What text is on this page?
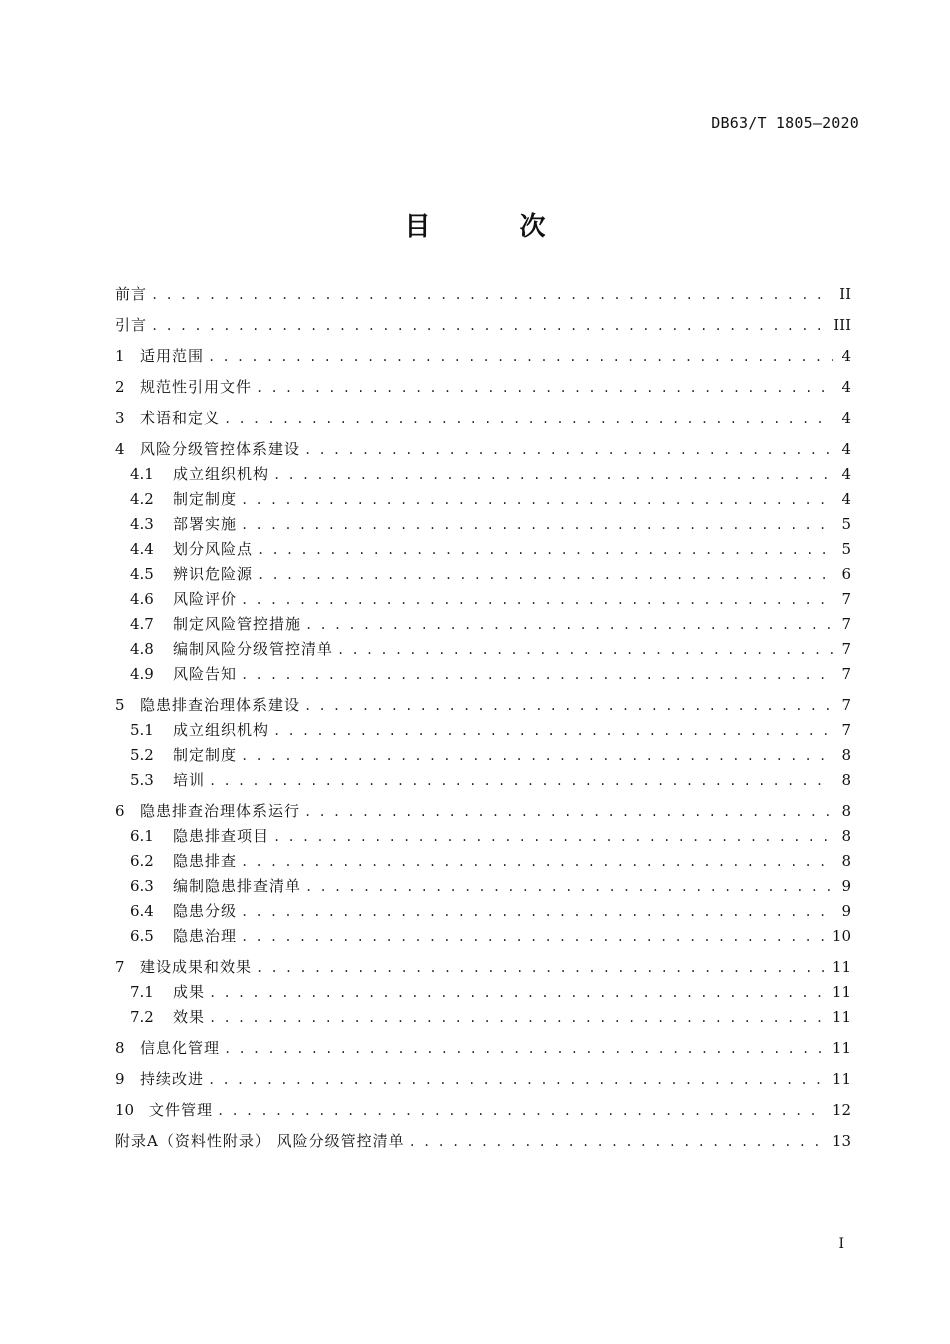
DB63/T 1805—2020
目 次
前言 . . .	II
引言 . . .	III
1	适用范围 . . .	4
2	规范性引用文件 . . .	4
3	术语和定义 . . .	4
4	风险分级管控体系建设 . . .	4
4.1	成立组织机构 . . .	4
4.2	制定制度 . . .	4
4.3	部署实施 . . .	5
4.4	划分风险点 . . .	5
4.5	辨识危险源 . . .	6
4.6	风险评价 . . .	7
4.7	制定风险管控措施 . . .	7
4.8	编制风险分级管控清单 . . .	7
4.9	风险告知 . . .	7
5	隐患排查治理体系建设 . . .	7
5.1	成立组织机构 . . .	7
5.2	制定制度 . . .	8
5.3	培训 . . .	8
6	隐患排查治理体系运行 . . .	8
6.1	隐患排查项目 . . .	8
6.2	隐患排查 . . .	8
6.3	编制隐患排查清单 . . .	9
6.4	隐患分级 . . .	9
6.5	隐患治理 . . .	10
7	建设成果和效果 . . .	11
7.1	成果 . . .	11
7.2	效果 . . .	11
8	信息化管理 . . .	11
9	持续改进 . . .	11
10 文件管理 . . .	12
附录A（资料性附录） 风险分级管控清单 . . .	13
I
